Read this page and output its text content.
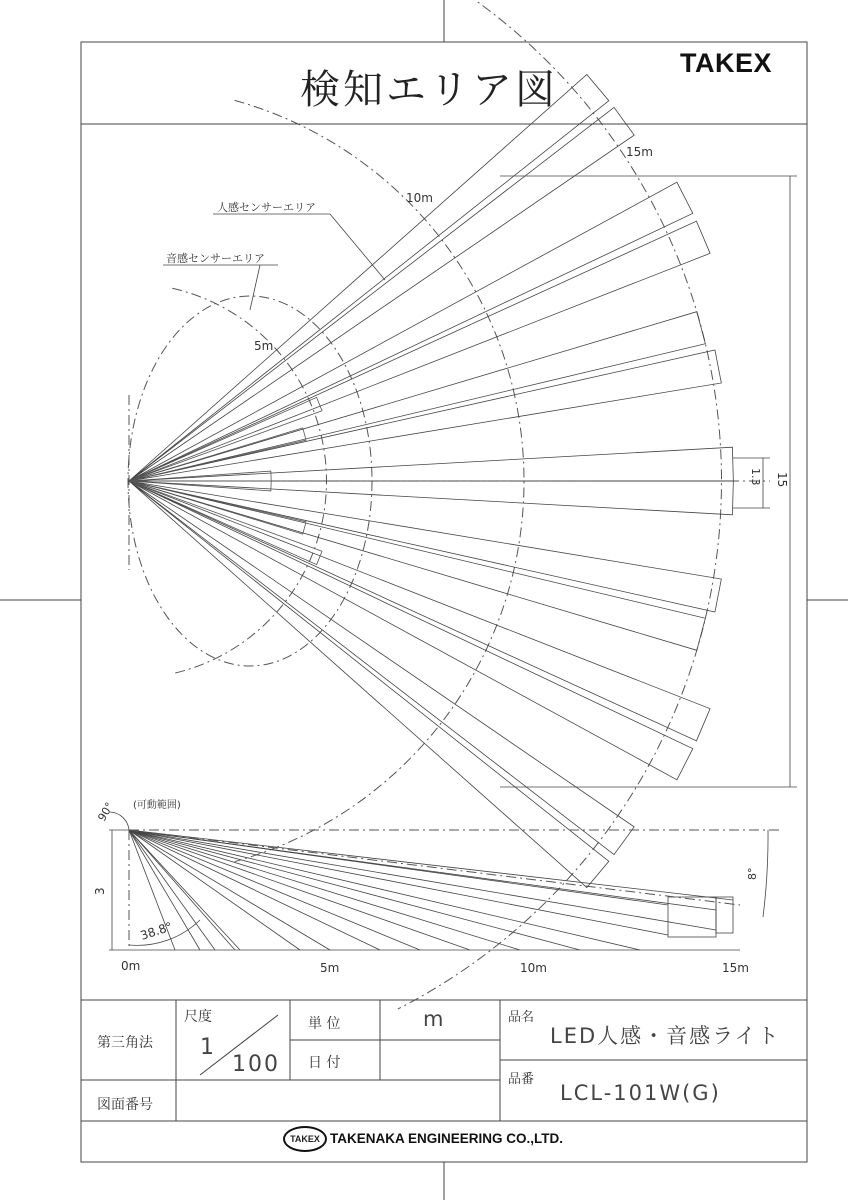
人感センサーエリア
音感センサーエリア
5m
10m
15m
15
1.3
90° (可動範囲)
38.8°
8°
3
0m	5m	10m	15m
検知エリア図
TAKEX
第三角法
尺度
1
100
単 位	m
日 付
品名
LED人感・音感ライト
品番
LCL-101W(G)
図面番号
TAKEX TAKENAKA ENGINEERING CO.,LTD.
